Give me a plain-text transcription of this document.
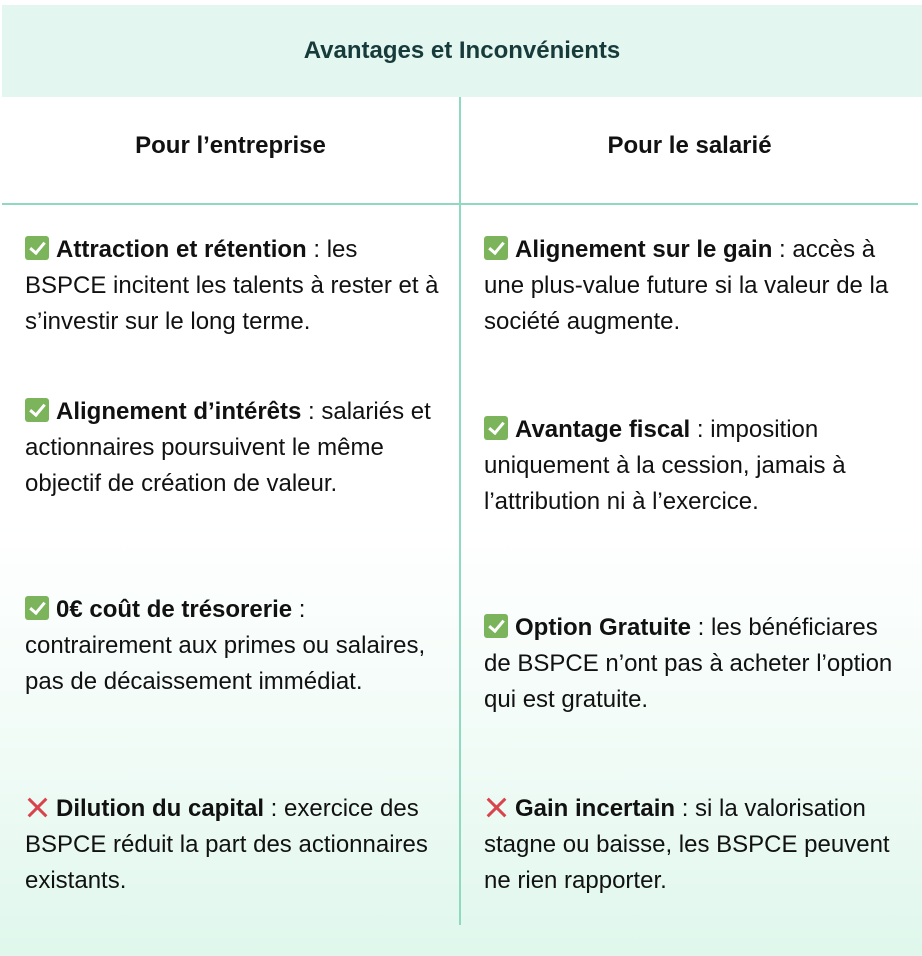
Avantages et Inconvénients
Pour l’entreprise	Pour le salarié
Attraction et rétention : les BSPCE incitent les talents à rester et à s’investir sur le long terme.
Alignement d’intérêts : salariés et actionnaires poursuivent le même objectif de création de valeur.
0€ coût de trésorerie : contrairement aux primes ou salaires, pas de décaissement immédiat.
Dilution du capital : exercice des BSPCE réduit la part des actionnaires existants.
Alignement sur le gain : accès à une plus-value future si la valeur de la société augmente.
Avantage fiscal : imposition uniquement à la cession, jamais à l’attribution ni à l’exercice.
Option Gratuite : les bénéficiares de BSPCE n’ont pas à acheter l’option qui est gratuite.
Gain incertain : si la valorisation stagne ou baisse, les BSPCE peuvent ne rien rapporter.
